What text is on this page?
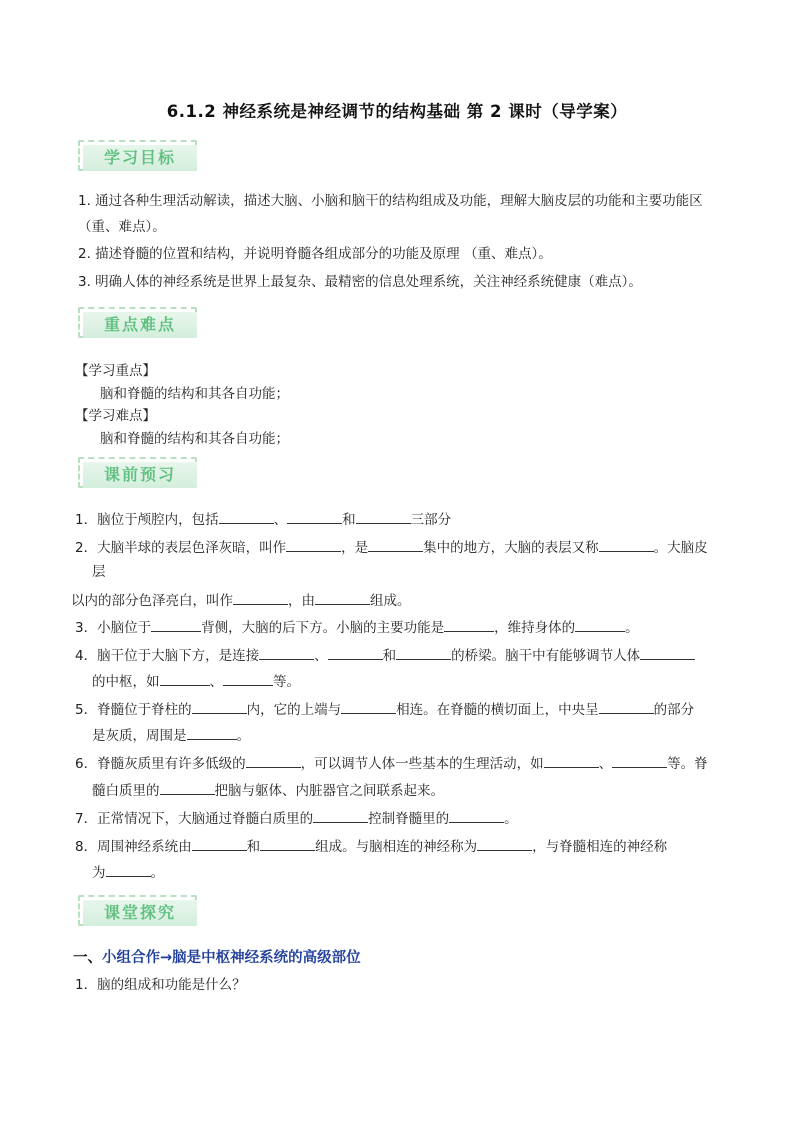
6.1.2 神经系统是神经调节的结构基础 第 2 课时（导学案）
学习目标
1. 通过各种生理活动解读，描述大脑、小脑和脑干的结构组成及功能，理解大脑皮层的功能和主要功能区
（重、难点）。
2. 描述脊髓的位置和结构，并说明脊髓各组成部分的功能及原理 （重、难点）。
3. 明确人体的神经系统是世界上最复杂、最精密的信息处理系统，关注神经系统健康（难点）。
重点难点
【学习重点】
脑和脊髓的结构和其各自功能；
【学习难点】
脑和脊髓的结构和其各自功能；
课前预习
1．脑位于颅腔内，包括	、	和	三部分
2．大脑半球的表层色泽灰暗，叫作	，是	集中的地方，大脑的表层又称	。大脑皮
层
以内的部分色泽亮白，叫作	，由	组成。
3．小脑位于	背侧，大脑的后下方。小脑的主要功能是	，维持身体的	。
4．脑干位于大脑下方，是连接	、	和	的桥梁。脑干中有能够调节人体
的中枢，如	、	等。
5．脊髓位于脊柱的	内，它的上端与	相连。在脊髓的横切面上，中央呈	的部分
是灰质，周围是	。
6．脊髓灰质里有许多低级的	，可以调节人体一些基本的生理活动，如	、	等。脊
髓白质里的	把脑与躯体、内脏器官之间联系起来。
7．正常情况下，大脑通过脊髓白质里的	控制脊髓里的	。
8．周围神经系统由	和	组成。与脑相连的神经称为	，与脊髓相连的神经称
为	。
课堂探究
一、小组合作→脑是中枢神经系统的高级部位
1．脑的组成和功能是什么？
